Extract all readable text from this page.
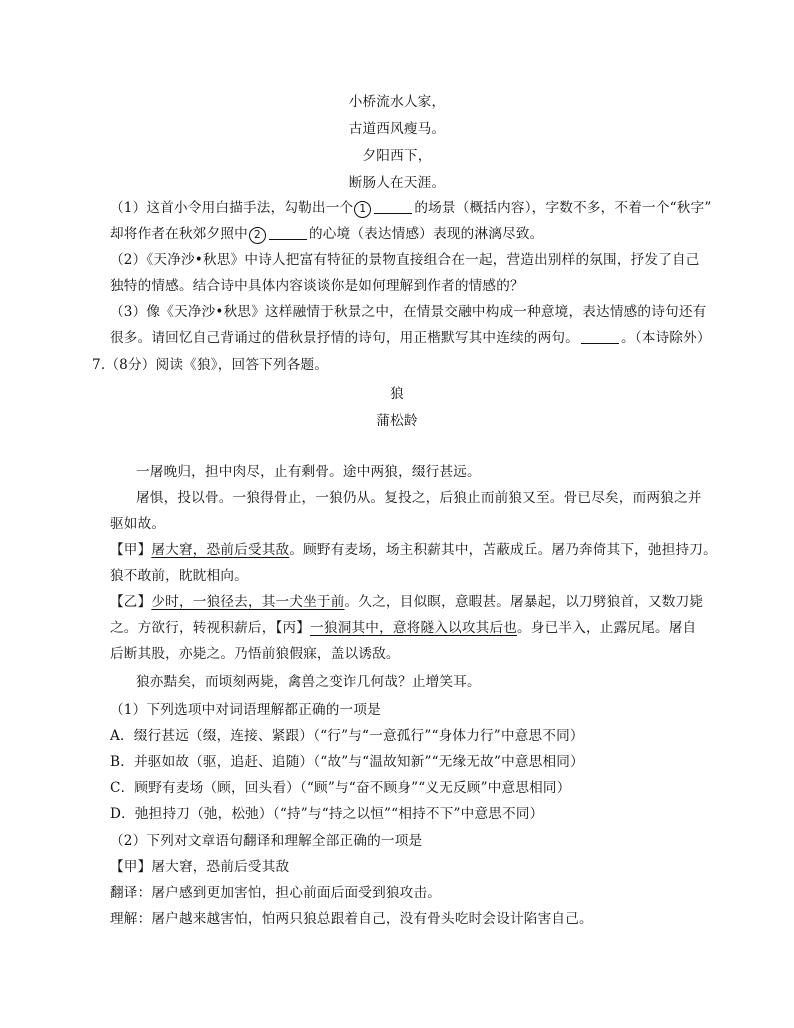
小桥流水人家，
古道西风瘦马。
夕阳西下，
断肠人在天涯。
（1）这首小令用白描手法，勾勒出一个 1	的场景（概括内容），字数不多，不着一个“秋字”
却将作者在秋郊夕照中 2	的心境（表达情感）表现的淋漓尽致。
（2）《天净沙•秋思》中诗人把富有特征的景物直接组合在一起，营造出别样的氛围，抒发了自己
独特的情感。结合诗中具体内容谈谈你是如何理解到作者的情感的？
（3）像《天净沙•秋思》这样融情于秋景之中，在情景交融中构成一种意境，表达情感的诗句还有
很多。请回忆自己背诵过的借秋景抒情的诗句，用正楷默写其中连续的两句。	。（本诗除外）
7.（8分）阅读《狼》，回答下列各题。
狼
蒲松龄
一屠晚归，担中肉尽，止有剩骨。途中两狼，缀行甚远。
屠惧，投以骨。一狼得骨止，一狼仍从。复投之，后狼止而前狼又至。骨已尽矣，而两狼之并
驱如故。
【甲】屠大窘，恐前后受其敌。顾野有麦场，场主积薪其中，苫蔽成丘。屠乃奔倚其下，弛担持刀。
狼不敢前，眈眈相向。
【乙】少时，一狼径去，其一犬坐于前。久之，目似瞑，意暇甚。屠暴起，以刀劈狼首，又数刀毙
之。方欲行，转视积薪后，【丙】一狼洞其中，意将隧入以攻其后也。身已半入，止露尻尾。屠自
后断其股，亦毙之。乃悟前狼假寐，盖以诱敌。
狼亦黠矣，而顷刻两毙，禽兽之变诈几何哉？止增笑耳。
（1）下列选项中对词语理解都正确的一项是
A．缀行甚远（缀，连接、紧跟）（“行”与“一意孤行”“身体力行”中意思不同）
B．并驱如故（驱，追赶、追随）（“故”与“温故知新”“无缘无故”中意思相同）
C．顾野有麦场（顾，回头看）（“顾”与“奋不顾身”“义无反顾”中意思相同）
D．弛担持刀（弛，松弛）（“持”与“持之以恒”“相持不下”中意思不同）
（2）下列对文章语句翻译和理解全部正确的一项是
【甲】屠大窘，恐前后受其敌
翻译：屠户感到更加害怕，担心前面后面受到狼攻击。
理解：屠户越来越害怕，怕两只狼总跟着自己，没有骨头吃时会设计陷害自己。
